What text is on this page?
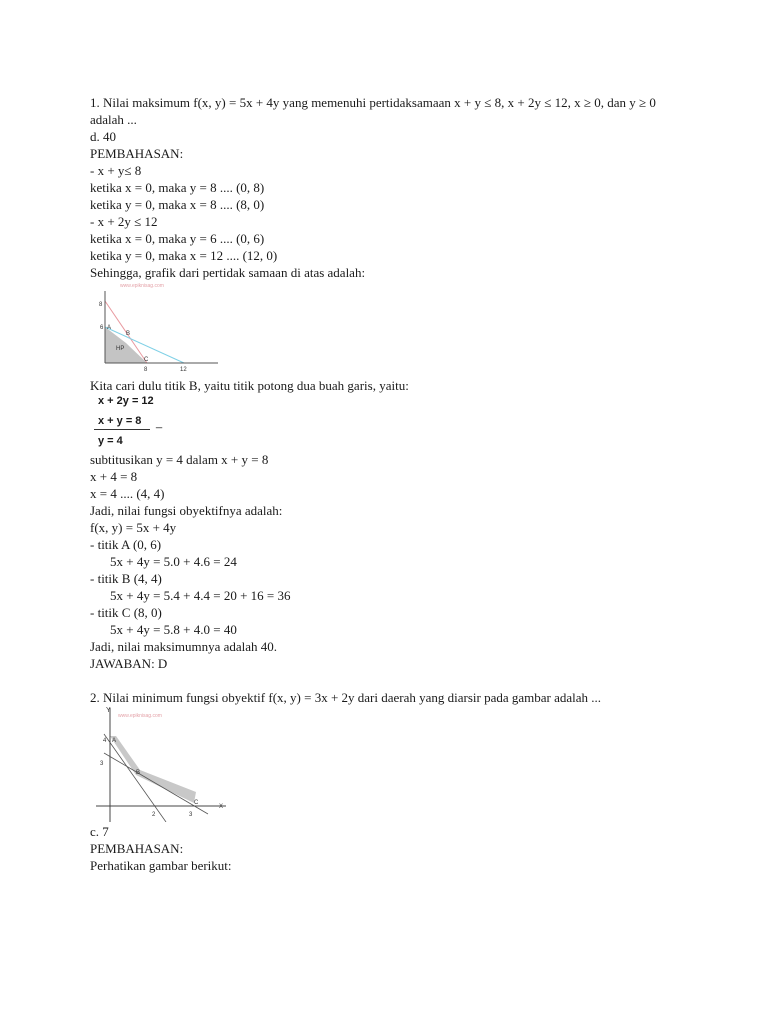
1. Nilai maksimum f(x, y) = 5x + 4y yang memenuhi pertidaksamaan x + y ≤ 8, x + 2y ≤ 12, x ≥ 0, dan y ≥ 0
adalah ...
d. 40
PEMBAHASAN:
- x + y≤ 8
ketika x = 0, maka y = 8 .... (0, 8)
ketika y = 0, maka x = 8 .... (8, 0)
- x + 2y ≤ 12
ketika x = 0, maka y = 6 .... (0, 6)
ketika y = 0, maka x = 12 .... (12, 0)
Sehingga, grafik dari pertidak samaan di atas adalah:
www.epiknisag.com
8
6 A
B
HP
C
8	12
Kita cari dulu titik B, yaitu titik potong dua buah garis, yaitu:
x + 2y = 12
x + y = 8 _
y = 4
subtitusikan y = 4 dalam x + y = 8
x + 4 = 8
x = 4 .... (4, 4)
Jadi, nilai fungsi obyektifnya adalah:
f(x, y) = 5x + 4y
- titik A (0, 6)
5x + 4y = 5.0 + 4.6 = 24
- titik B (4, 4)
5x + 4y = 5.4 + 4.4 = 20 + 16 = 36
- titik C (8, 0)
5x + 4y = 5.8 + 4.0 = 40
Jadi, nilai maksimumnya adalah 40.
JAWABAN: D
2. Nilai minimum fungsi obyektif f(x, y) = 3x + 2y dari daerah yang diarsir pada gambar adalah ...
www.epiknisag.com
Y
X
4 A
3
B
C
2	3
c. 7
PEMBAHASAN:
Perhatikan gambar berikut:
